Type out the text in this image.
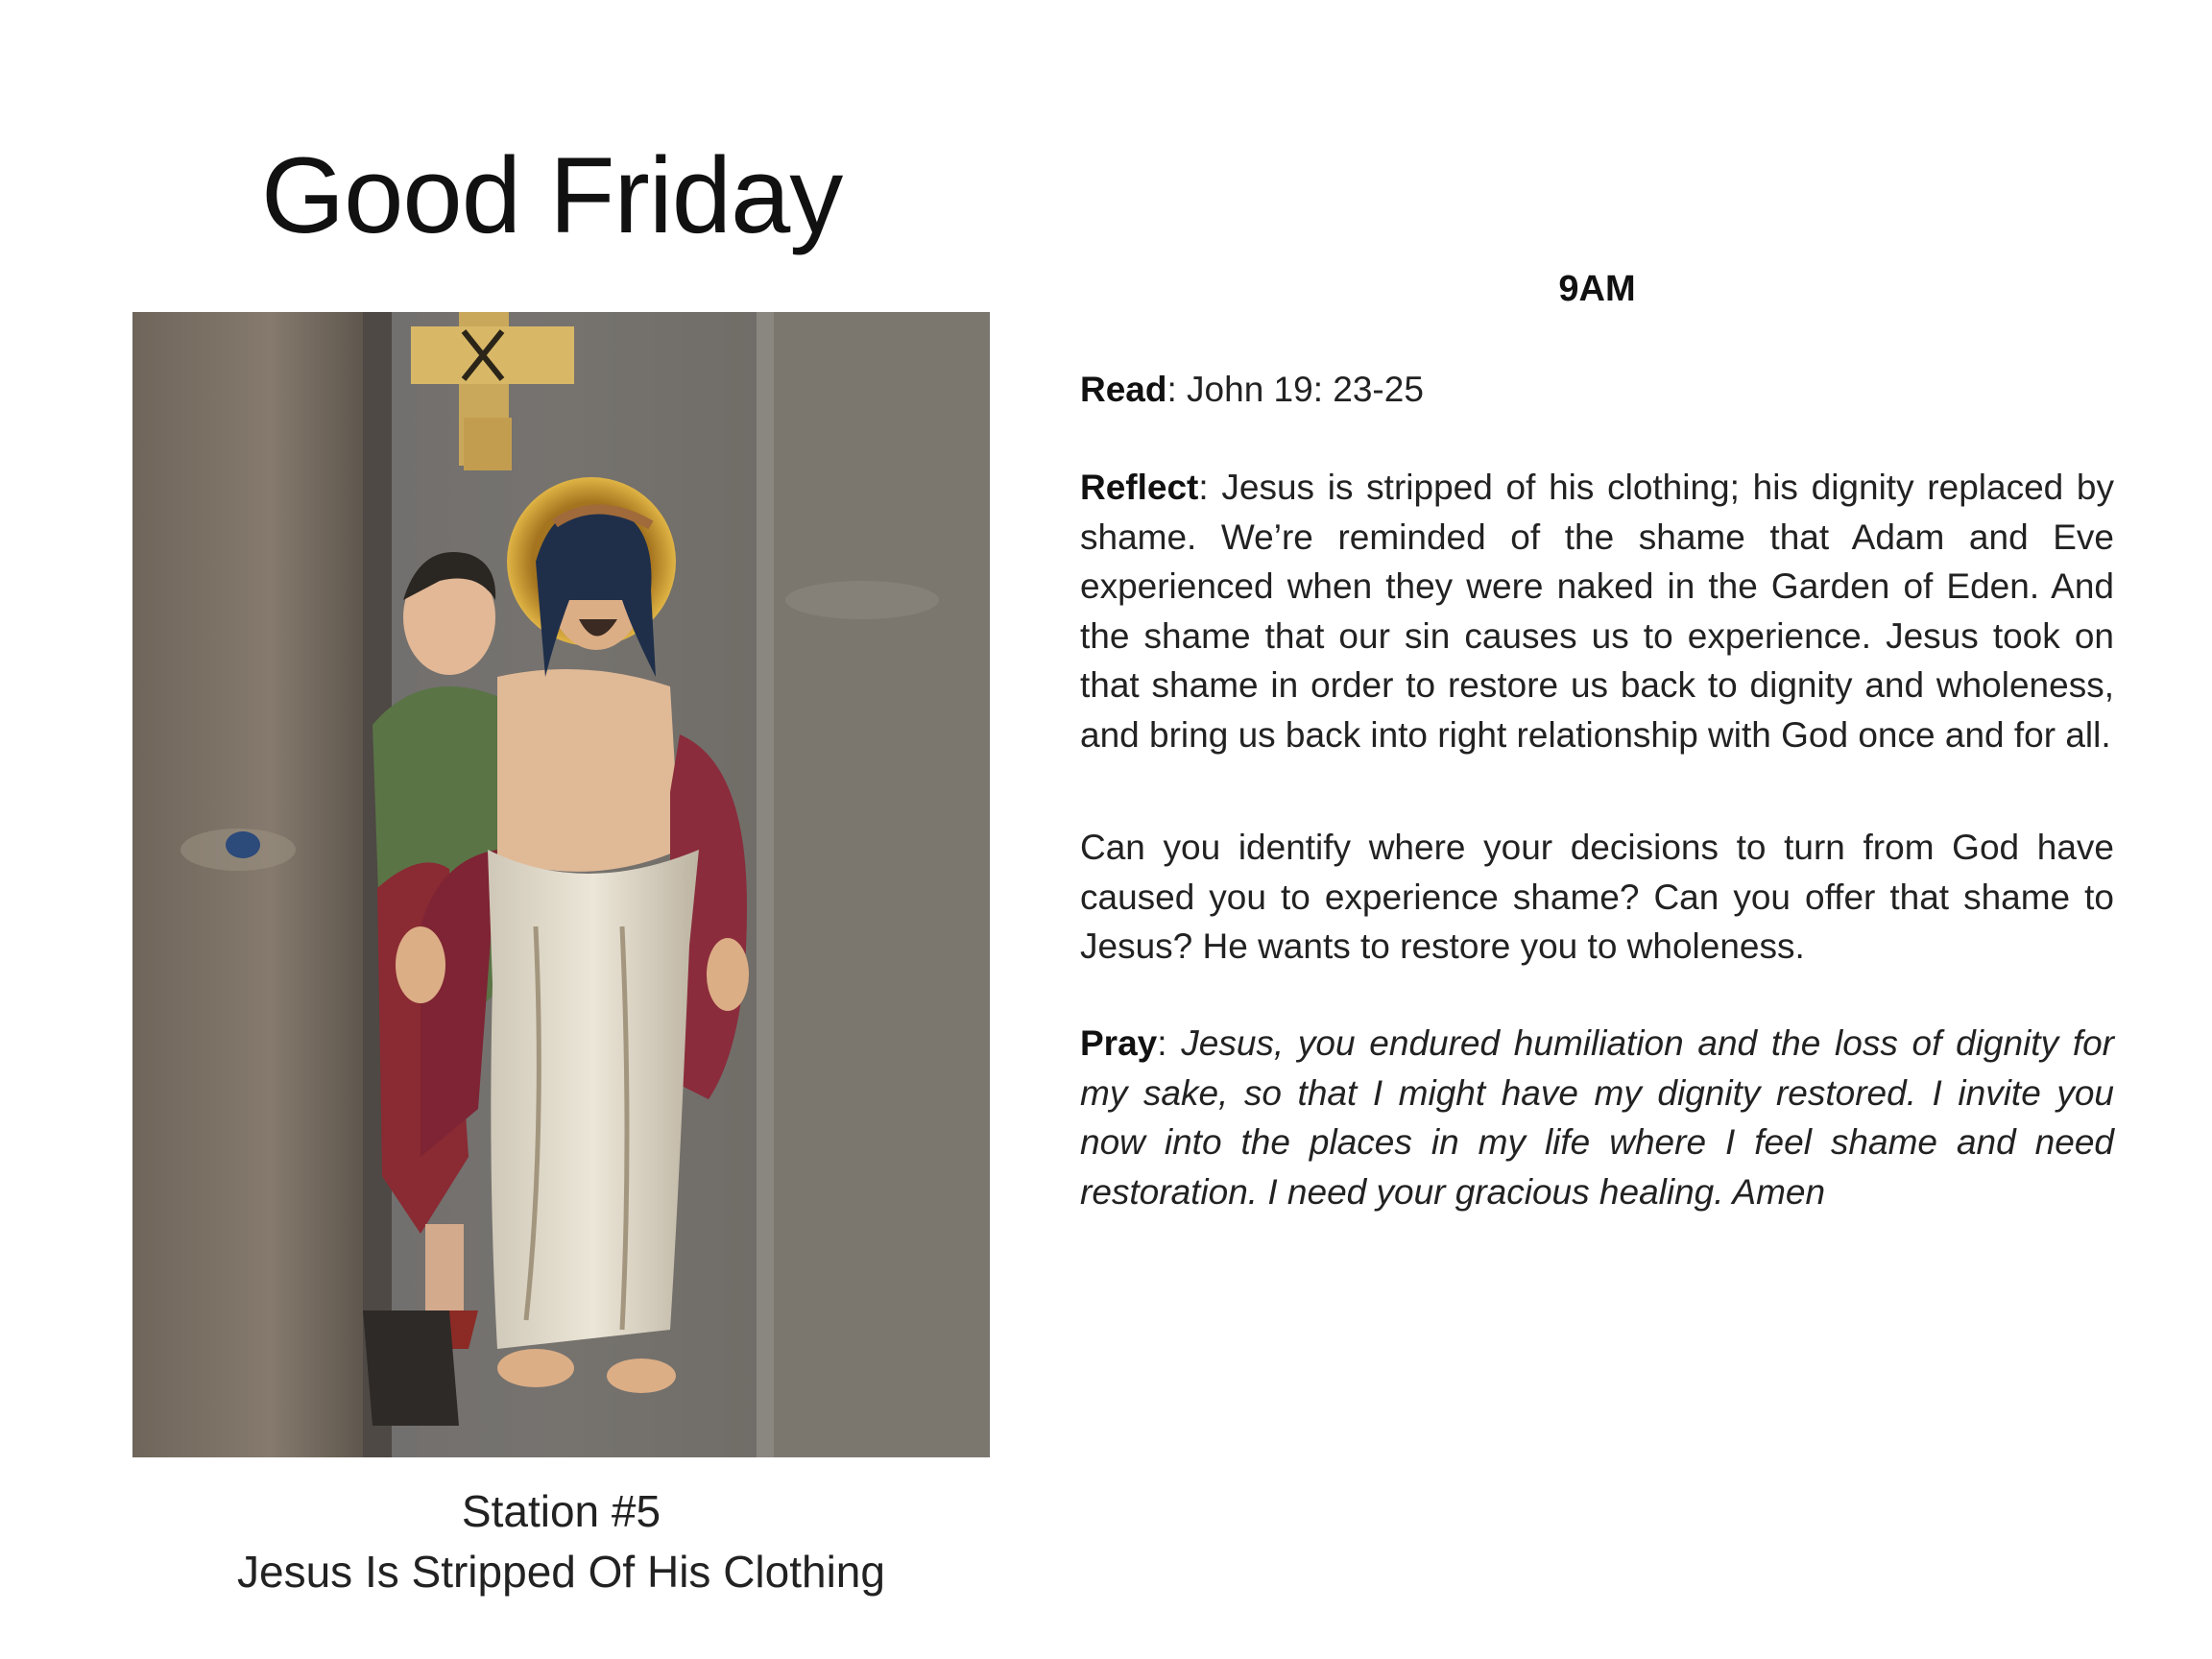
Good Friday
Station #5
Jesus Is Stripped Of His Clothing
9AM
Read: John 19: 23-25
Reflect: Jesus is stripped of his clothing; his dignity replaced by shame. We’re reminded of the shame that Adam and Eve experienced when they were naked in the Garden of Eden. And the shame that our sin causes us to experience. Jesus took on that shame in order to restore us back to dignity and wholeness, and bring us back into right relationship with God once and for all.
Can you identify where your decisions to turn from God have caused you to experience shame? Can you offer that shame to Jesus? He wants to restore you to wholeness.
Pray: Jesus, you endured humiliation and the loss of dignity for my sake, so that I might have my dignity restored. I invite you now into the places in my life where I feel shame and need restoration. I need your gracious healing. Amen
